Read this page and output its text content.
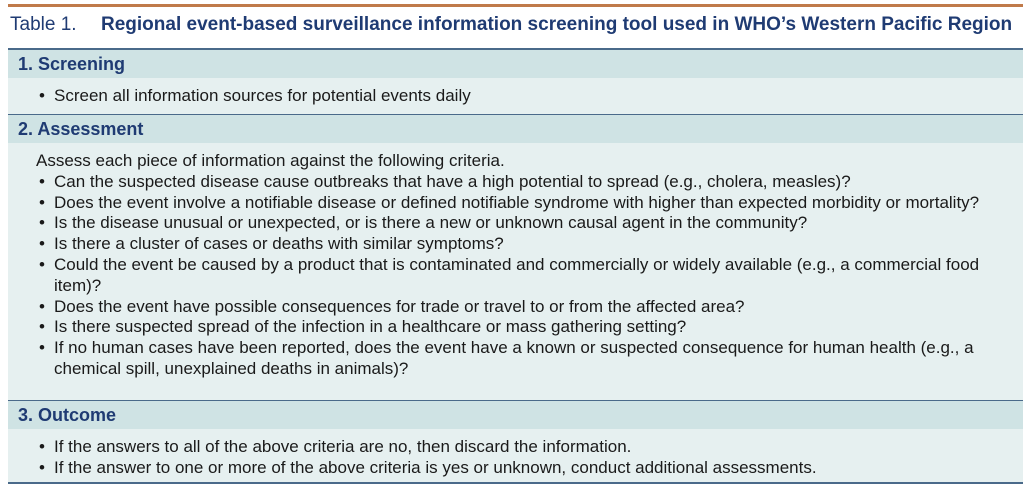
Table 1. Regional event-based surveillance information screening tool used in WHO’s Western Pacific Region
1. Screening
• Screen all information sources for potential events daily
2. Assessment
Assess each piece of information against the following criteria.
• Can the suspected disease cause outbreaks that have a high potential to spread (e.g., cholera, measles)?
• Does the event involve a notifiable disease or defined notifiable syndrome with higher than expected morbidity or mortality?
• Is the disease unusual or unexpected, or is there a new or unknown causal agent in the community?
• Is there a cluster of cases or deaths with similar symptoms?
• Could the event be caused by a product that is contaminated and commercially or widely available (e.g., a commercial food item)?
• Does the event have possible consequences for trade or travel to or from the affected area?
• Is there suspected spread of the infection in a healthcare or mass gathering setting?
• If no human cases have been reported, does the event have a known or suspected consequence for human health (e.g., a chemical spill, unexplained deaths in animals)?
3. Outcome
• If the answers to all of the above criteria are no, then discard the information.
• If the answer to one or more of the above criteria is yes or unknown, conduct additional assessments.
